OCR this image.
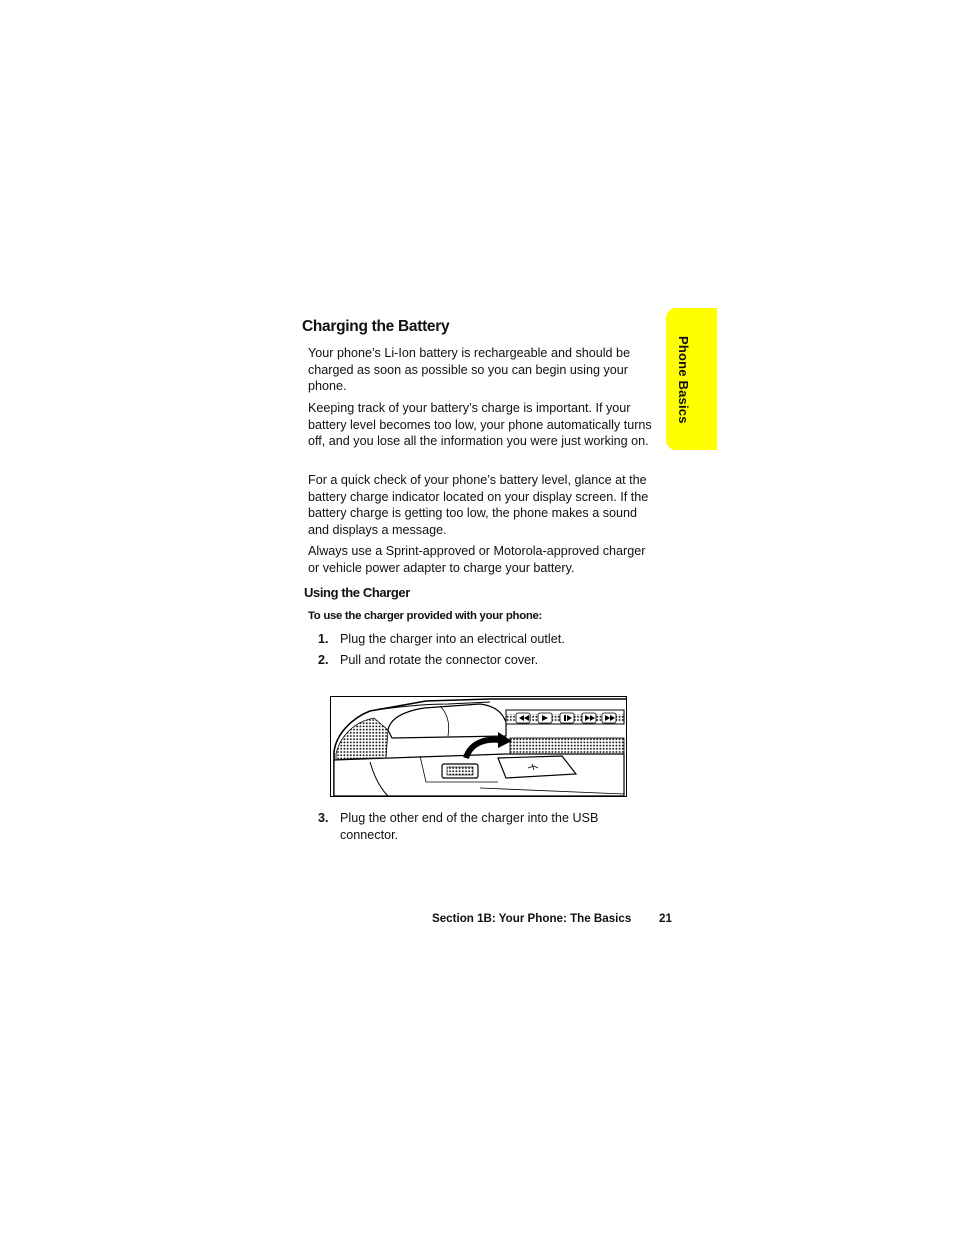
Phone Basics
Charging the Battery

Your phone’s Li-Ion battery is rechargeable and should be charged as soon as possible so you can begin using your phone.

Keeping track of your battery’s charge is important. If your battery level becomes too low, your phone automatically turns off, and you lose all the information you were just working on.

For a quick check of your phone’s battery level, glance at the battery charge indicator located on your display screen. If the battery charge is getting too low, the phone makes a sound and displays a message.

Always use a Sprint-approved or Motorola-approved charger or vehicle power adapter to charge your battery.

Using the Charger
To use the charger provided with your phone:
1. Plug the charger into an electrical outlet.
2. Pull and rotate the connector cover.
3. Plug the other end of the charger into the USB connector.
Section 1B: Your Phone: The Basics 21
